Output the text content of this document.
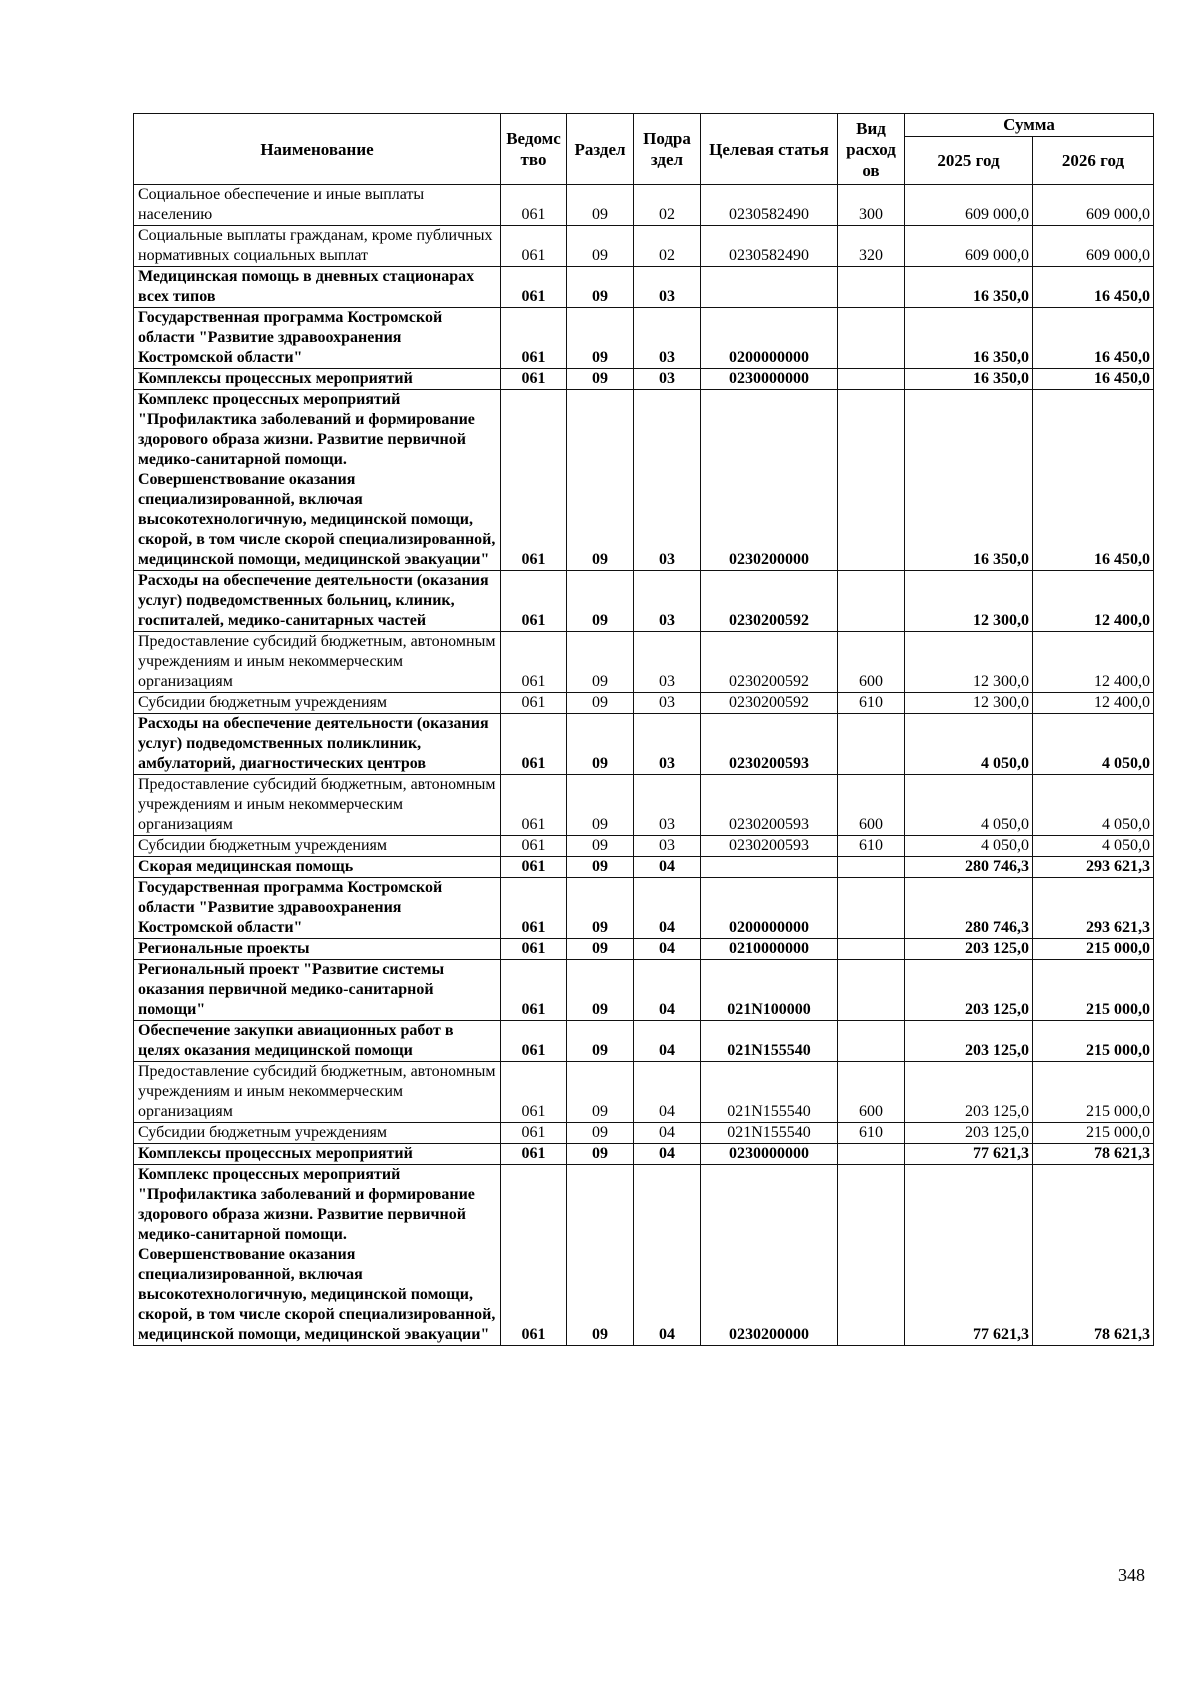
Наименование	Ведомс тво	Раздел	Подра здел	Целевая статья	Вид расход ов	Сумма	
						2025 год	2026 год
Социальное обеспечение и иные выплаты населению	061	09	02	0230582490	300	609 000,0	609 000,0
Социальные выплаты гражданам, кроме публичных нормативных социальных выплат	061	09	02	0230582490	320	609 000,0	609 000,0
Медицинская помощь в дневных стационарах всех типов	061	09	03			16 350,0	16 450,0
Государственная программа Костромской области "Развитие здравоохранения Костромской области"	061	09	03	0200000000		16 350,0	16 450,0
Комплексы процессных мероприятий	061	09	03	0230000000		16 350,0	16 450,0
Комплекс процессных мероприятий "Профилактика заболеваний и формирование здорового образа жизни. Развитие первичной медико-санитарной помощи. Совершенствование оказания специализированной, включая высокотехнологичную, медицинской помощи, скорой, в том числе скорой специализированной, медицинской помощи, медицинской эвакуации"	061	09	03	0230200000		16 350,0	16 450,0
Расходы на обеспечение деятельности (оказания услуг) подведомственных больниц, клиник, госпиталей, медико-санитарных частей	061	09	03	0230200592		12 300,0	12 400,0
Предоставление субсидий бюджетным, автономным учреждениям и иным некоммерческим организациям	061	09	03	0230200592	600	12 300,0	12 400,0
Субсидии бюджетным учреждениям	061	09	03	0230200592	610	12 300,0	12 400,0
Расходы на обеспечение деятельности (оказания услуг) подведомственных поликлиник, амбулаторий, диагностических центров	061	09	03	0230200593		4 050,0	4 050,0
Предоставление субсидий бюджетным, автономным учреждениям и иным некоммерческим организациям	061	09	03	0230200593	600	4 050,0	4 050,0
Субсидии бюджетным учреждениям	061	09	03	0230200593	610	4 050,0	4 050,0
Скорая медицинская помощь	061	09	04			280 746,3	293 621,3
Государственная программа Костромской области "Развитие здравоохранения Костромской области"	061	09	04	0200000000		280 746,3	293 621,3
Региональные проекты	061	09	04	0210000000		203 125,0	215 000,0
Региональный проект "Развитие системы оказания первичной медико-санитарной помощи"	061	09	04	021N100000		203 125,0	215 000,0
Обеспечение закупки авиационных работ в целях оказания медицинской помощи	061	09	04	021N155540		203 125,0	215 000,0
Предоставление субсидий бюджетным, автономным учреждениям и иным некоммерческим организациям	061	09	04	021N155540	600	203 125,0	215 000,0
Субсидии бюджетным учреждениям	061	09	04	021N155540	610	203 125,0	215 000,0
Комплексы процессных мероприятий	061	09	04	0230000000		77 621,3	78 621,3
Комплекс процессных мероприятий "Профилактика заболеваний и формирование здорового образа жизни. Развитие первичной медико-санитарной помощи. Совершенствование оказания специализированной, включая высокотехнологичную, медицинской помощи, скорой, в том числе скорой специализированной, медицинской помощи, медицинской эвакуации"	061	09	04	0230200000		77 621,3	78 621,3
348
